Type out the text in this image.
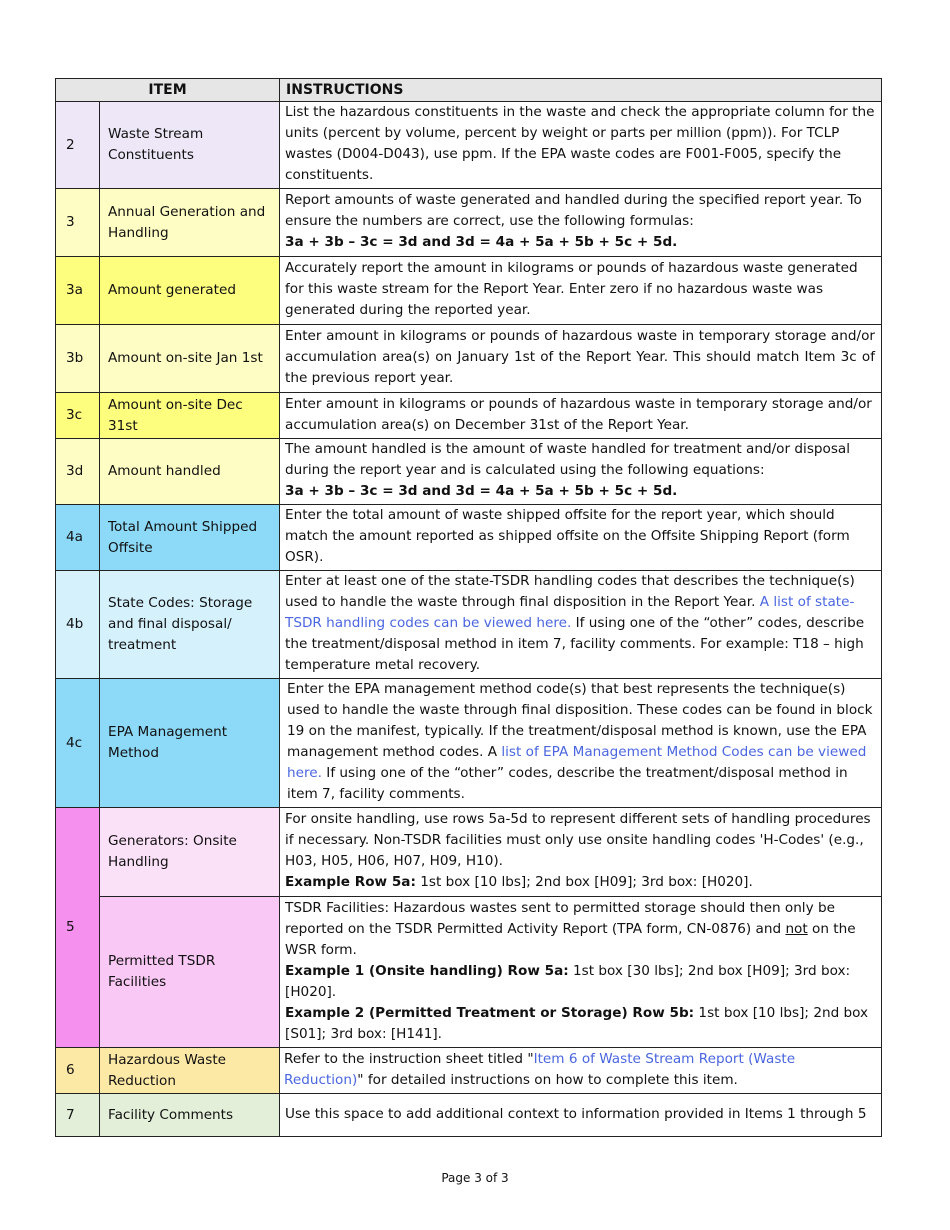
ITEM		INSTRUCTIONS
2	Waste Stream Constituents	List the hazardous constituents in the waste and check the appropriate column for the units (percent by volume, percent by weight or parts per million (ppm)). For TCLP wastes (D004-D043), use ppm. If the EPA waste codes are F001-F005, specify the constituents.
3	Annual Generation and Handling	Report amounts of waste generated and handled during the specified report year. To ensure the numbers are correct, use the following formulas:
3a + 3b – 3c = 3d and 3d = 4a + 5a + 5b + 5c + 5d.
3a	Amount generated	Accurately report the amount in kilograms or pounds of hazardous waste generated for this waste stream for the Report Year. Enter zero if no hazardous waste was generated during the reported year.
3b	Amount on-site Jan 1st	Enter amount in kilograms or pounds of hazardous waste in temporary storage and/or accumulation area(s) on January 1st of the Report Year. This should match Item 3c of the previous report year.
3c	Amount on-site Dec 31st	Enter amount in kilograms or pounds of hazardous waste in temporary storage and/or accumulation area(s) on December 31st of the Report Year.
3d	Amount handled	The amount handled is the amount of waste handled for treatment and/or disposal during the report year and is calculated using the following equations:
3a + 3b – 3c = 3d and 3d = 4a + 5a + 5b + 5c + 5d.
4a	Total Amount Shipped Offsite	Enter the total amount of waste shipped offsite for the report year, which should match the amount reported as shipped offsite on the Offsite Shipping Report (form OSR).
4b	State Codes: Storage and final disposal/ treatment	Enter at least one of the state-TSDR handling codes that describes the technique(s) used to handle the waste through final disposition in the Report Year. A list of state-TSDR handling codes can be viewed here. If using one of the “other” codes, describe the treatment/disposal method in item 7, facility comments. For example: T18 – high temperature metal recovery.
4c	EPA Management Method	Enter the EPA management method code(s) that best represents the technique(s) used to handle the waste through final disposition. These codes can be found in block 19 on the manifest, typically. If the treatment/disposal method is known, use the EPA management method codes. A list of EPA Management Method Codes can be viewed here. If using one of the “other” codes, describe the treatment/disposal method in item 7, facility comments.
5	Generators: Onsite Handling	For onsite handling, use rows 5a-5d to represent different sets of handling procedures if necessary. Non-TSDR facilities must only use onsite handling codes 'H-Codes' (e.g., H03, H05, H06, H07, H09, H10).
Example Row 5a: 1st box [10 lbs]; 2nd box [H09]; 3rd box: [H020].
	Permitted TSDR Facilities	TSDR Facilities: Hazardous wastes sent to permitted storage should then only be reported on the TSDR Permitted Activity Report (TPA form, CN-0876) and not on the WSR form.
Example 1 (Onsite handling) Row 5a: 1st box [30 lbs]; 2nd box [H09]; 3rd box: [H020].
Example 2 (Permitted Treatment or Storage) Row 5b: 1st box [10 lbs]; 2nd box [S01]; 3rd box: [H141].
6	Hazardous Waste Reduction	Refer to the instruction sheet titled "Item 6 of Waste Stream Report (Waste Reduction)" for detailed instructions on how to complete this item.
7	Facility Comments	Use this space to add additional context to information provided in Items 1 through 5
Page 3 of 3
